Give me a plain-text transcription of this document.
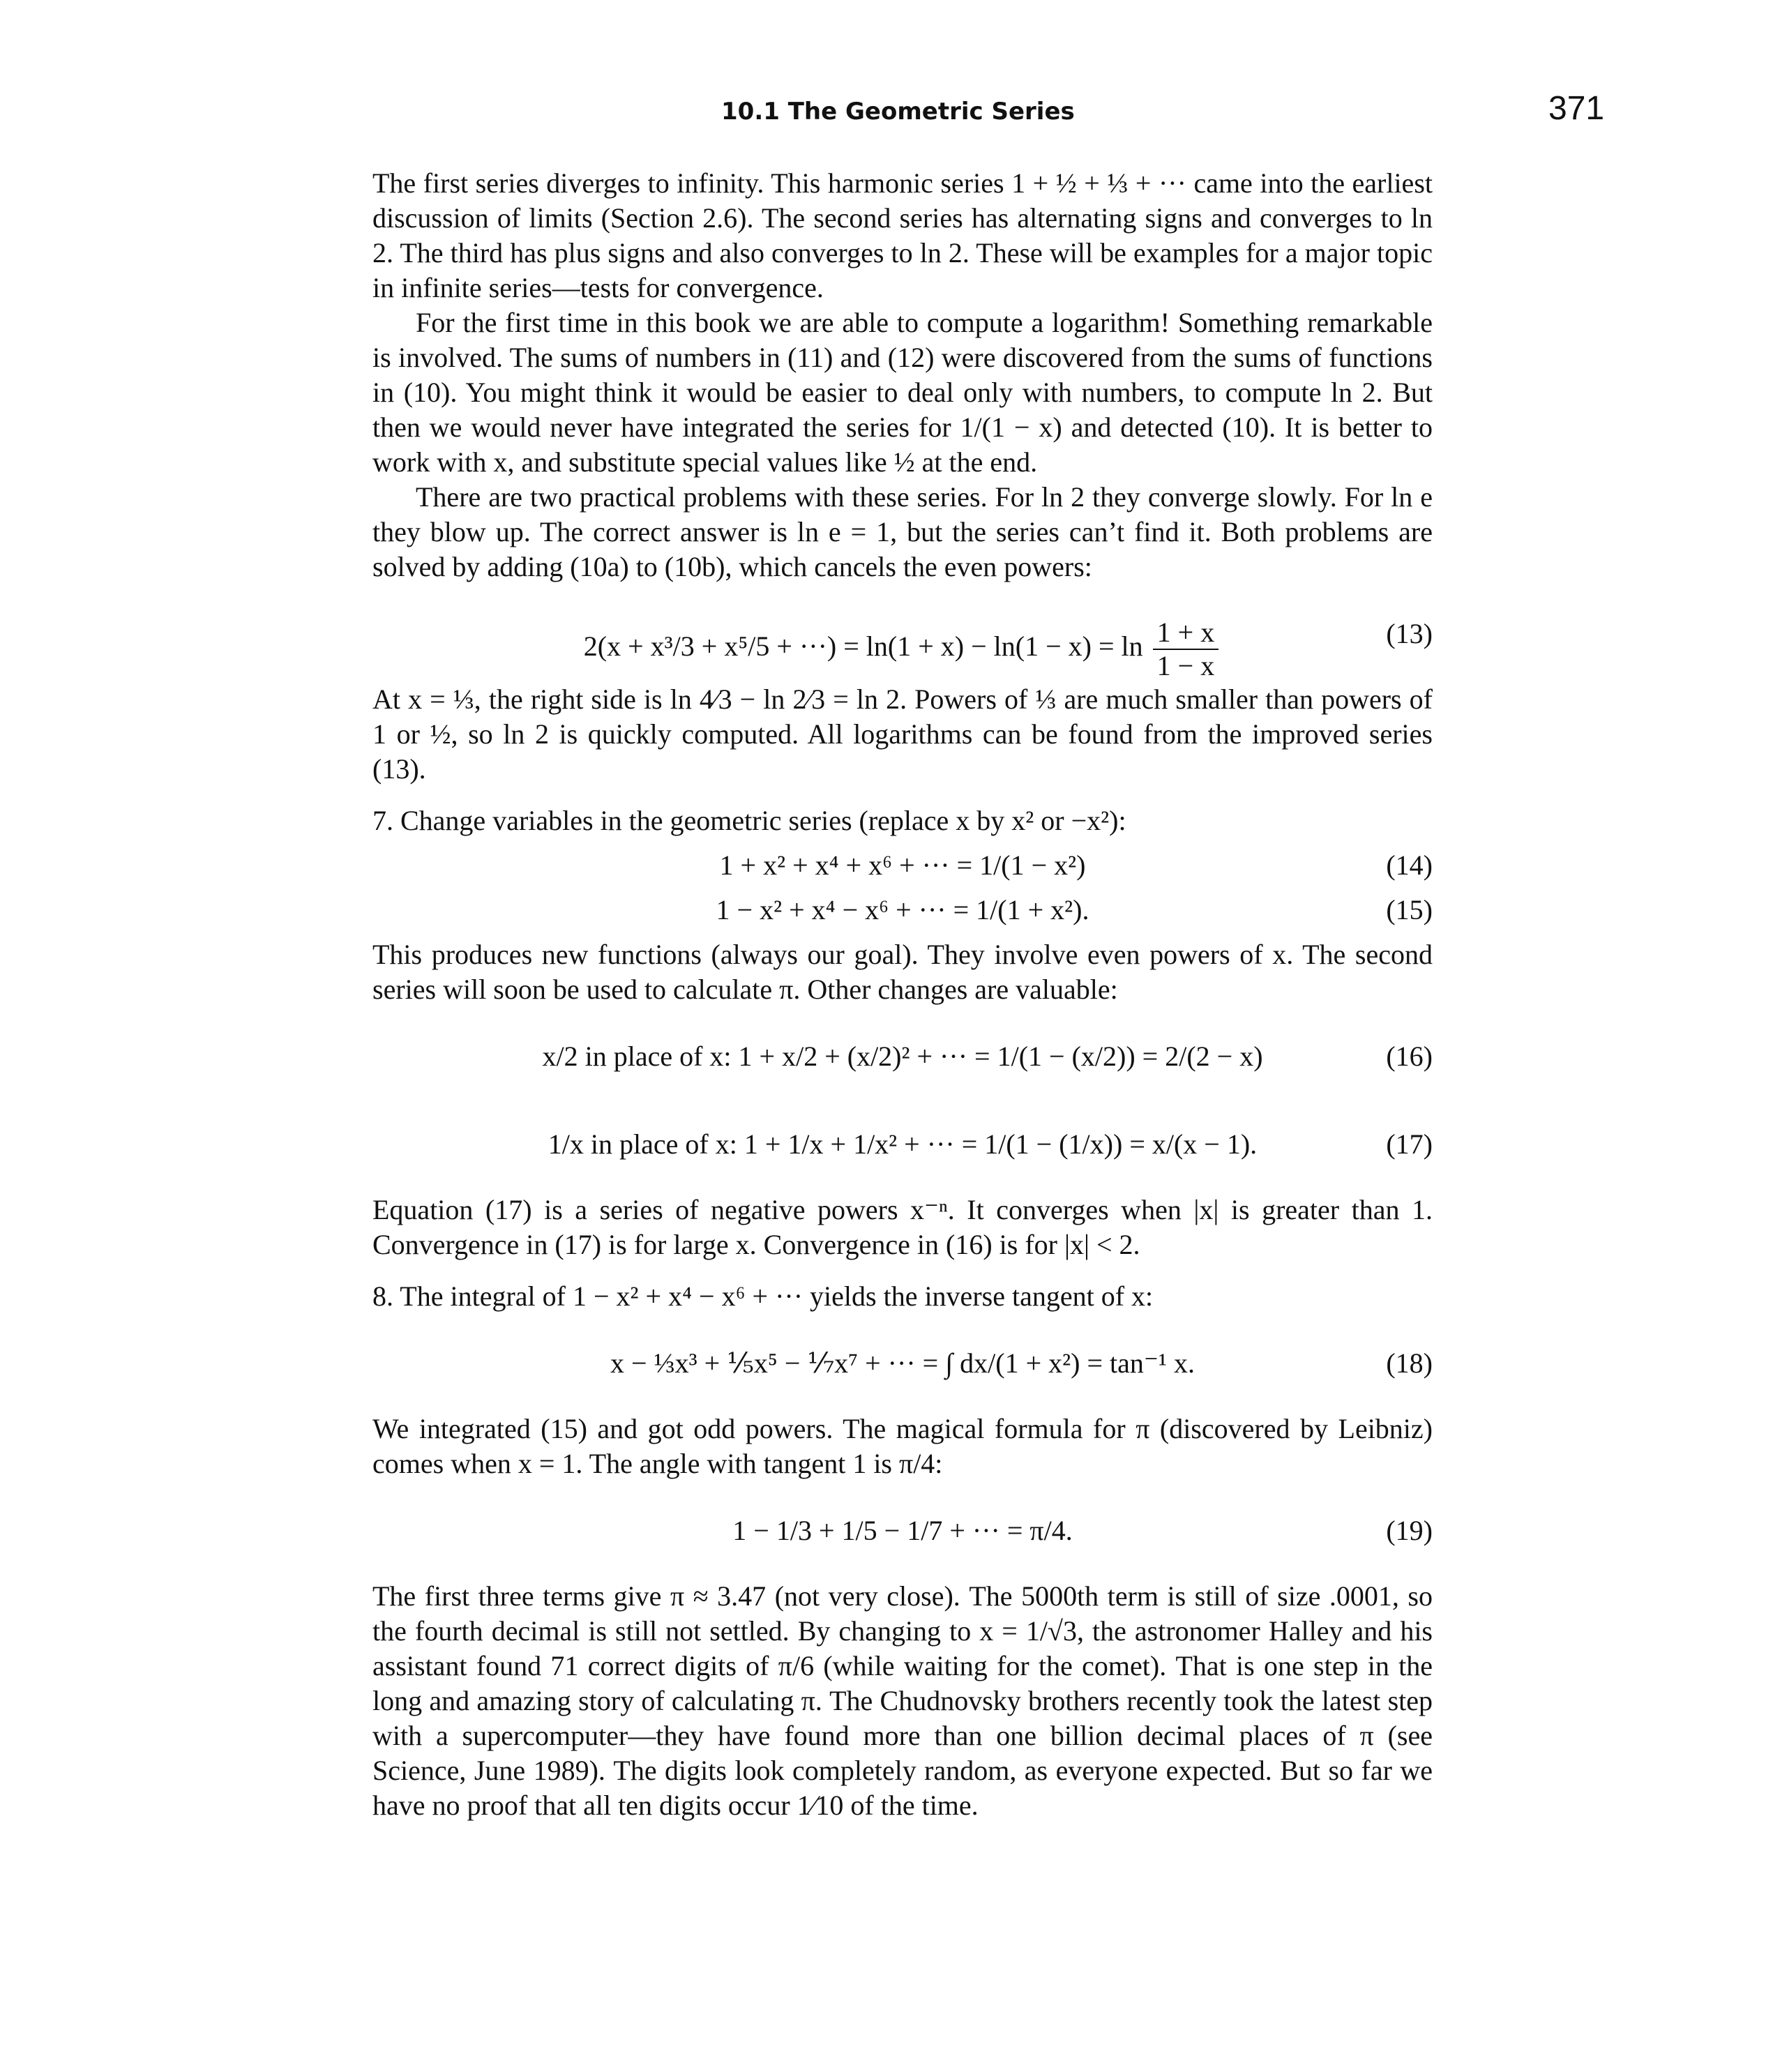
10.1 The Geometric Series	371

The first series diverges to infinity. This harmonic series 1 + ½ + ⅓ + ··· came into the earliest discussion of limits (Section 2.6). The second series has alternating signs and converges to ln 2. The third has plus signs and also converges to ln 2. These will be examples for a major topic in infinite series—tests for convergence.

For the first time in this book we are able to compute a logarithm! Something remarkable is involved. The sums of numbers in (11) and (12) were discovered from the sums of functions in (10). You might think it would be easier to deal only with numbers, to compute ln 2. But then we would never have integrated the series for 1/(1 − x) and detected (10). It is better to work with x, and substitute special values like ½ at the end.

There are two practical problems with these series. For ln 2 they converge slowly. For ln e they blow up. The correct answer is ln e = 1, but the series can’t find it. Both problems are solved by adding (10a) to (10b), which cancels the even powers:

2(x + x³/3 + x⁵/5 + ···) = $\ln(1 + x) - \ln(1 - x) = \ln \frac{1 + x}{1 - x}$	(13)

At x = ⅓, the right side is ln 4⁄3 − ln 2⁄3 = ln 2. Powers of ⅓ are much smaller than powers of 1 or ½, so ln 2 is quickly computed. All logarithms can be found from the improved series (13).

7. Change variables in the geometric series (replace x by x² or −x²):

1 + x² + x⁴ + x⁶ + ··· = 1/(1 − x²)	(14)
1 − x² + x⁴ − x⁶ + ··· = 1/(1 + x²).	(15)

This produces new functions (always our goal). They involve even powers of x. The second series will soon be used to calculate π. Other changes are valuable:

x/2 in place of x: 1 + x/2 + (x/2)² + ··· = 1/(1 − (x/2)) = 2/(2 − x)	(16)
1/x in place of x: 1 + 1/x + 1/x² + ··· = 1/(1 − (1/x)) = x/(x − 1).	(17)

Equation (17) is a series of negative powers x⁻ⁿ. It converges when |x| is greater than 1. Convergence in (17) is for large x. Convergence in (16) is for |x| < 2.

8. The integral of 1 − x² + x⁴ − x⁶ + ··· yields the inverse tangent of x:

x − ⅓x³ + ⅕x⁵ − ⅐x⁷ + ··· = ∫ dx/(1 + x²) = tan⁻¹ x.	(18)

We integrated (15) and got odd powers. The magical formula for π (discovered by Leibniz) comes when x = 1. The angle with tangent 1 is π/4:

1 − 1/3 + 1/5 − 1/7 + ··· = π/4.	(19)

The first three terms give π ≈ 3.47 (not very close). The 5000th term is still of size .0001, so the fourth decimal is still not settled. By changing to x = 1/√3, the astronomer Halley and his assistant found 71 correct digits of π/6 (while waiting for the comet). That is one step in the long and amazing story of calculating π. The Chudnovsky brothers recently took the latest step with a supercomputer—they have found more than one billion decimal places of π (see Science, June 1989). The digits look completely random, as everyone expected. But so far we have no proof that all ten digits occur 1⁄10 of the time.
